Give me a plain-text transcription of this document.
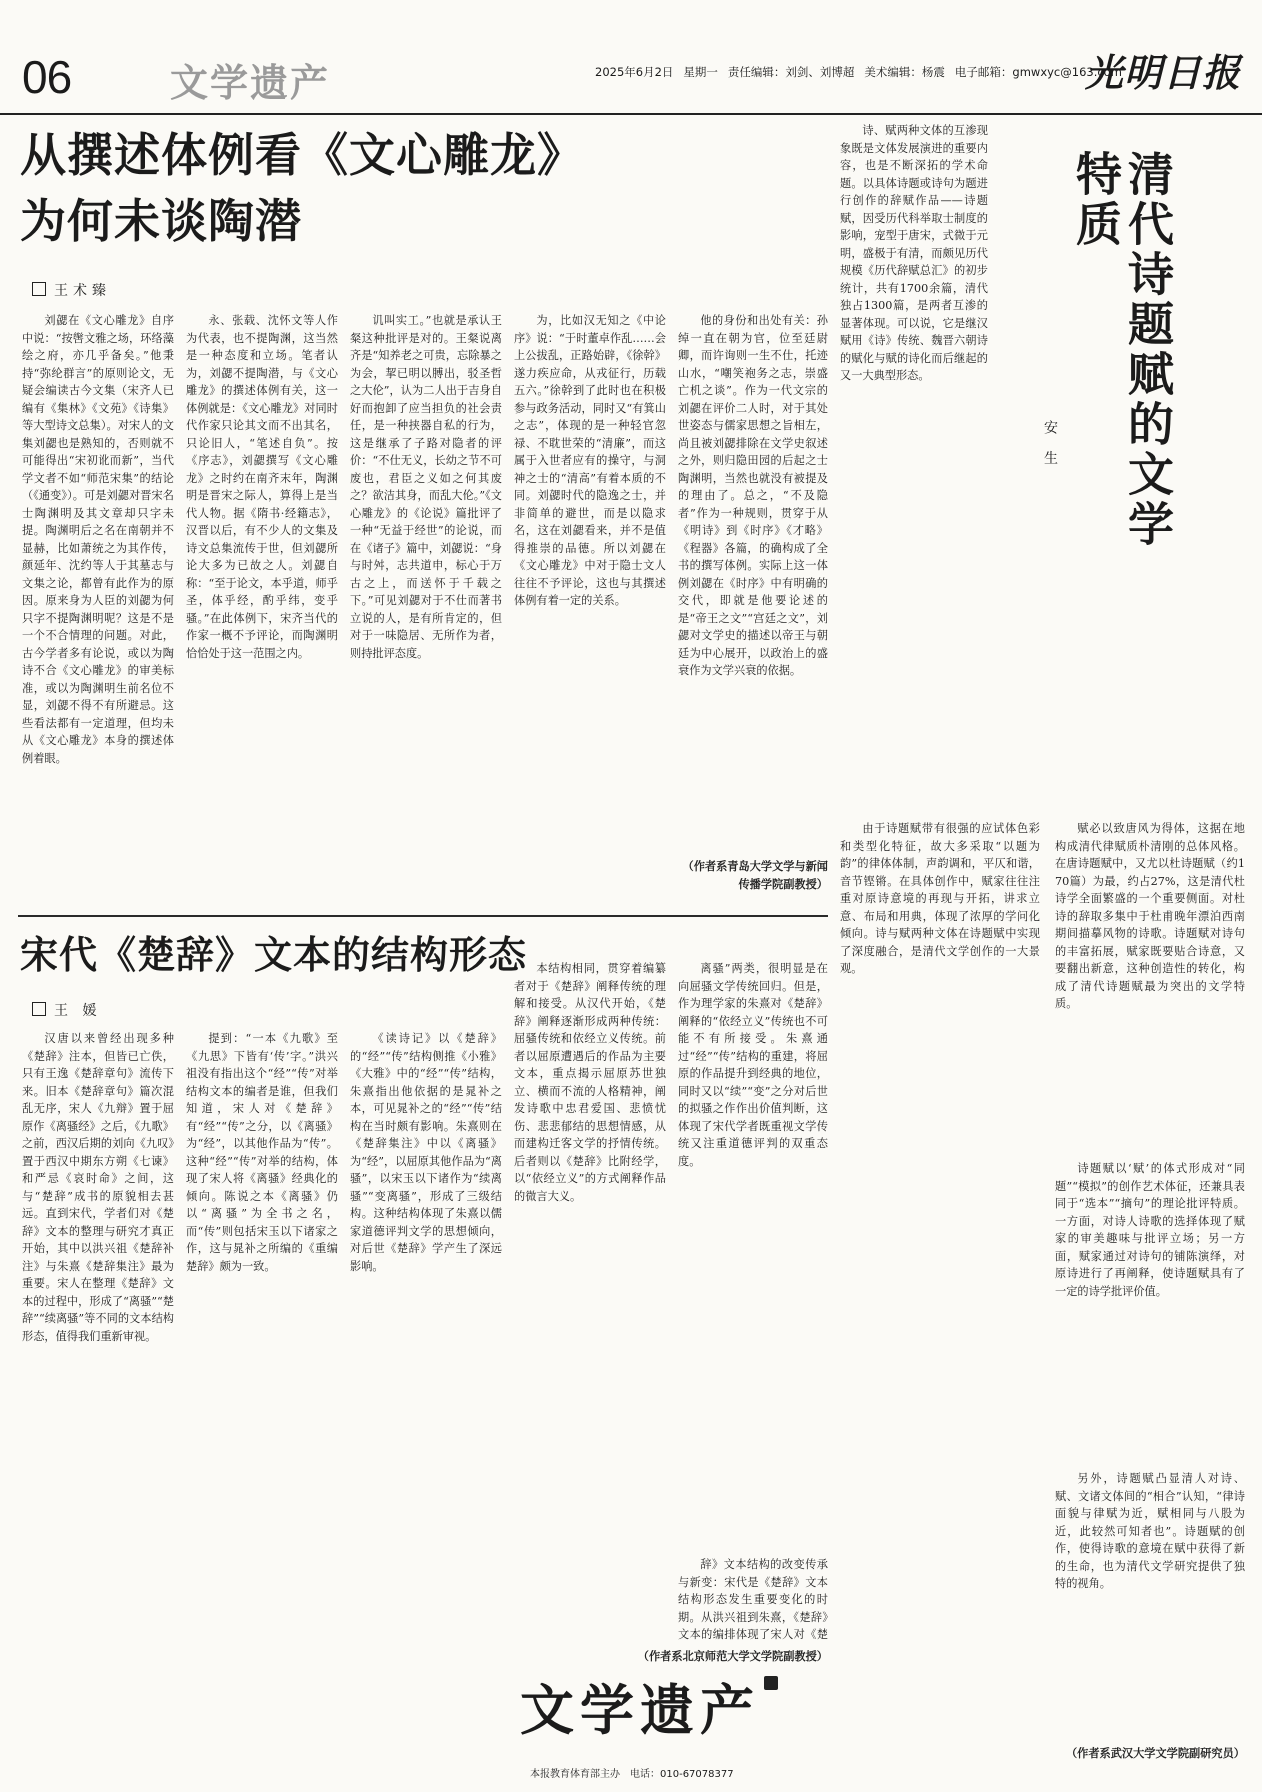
06	文学遗产	2025年6月2日 星期一 责任编辑：刘剑、刘博超 美术编辑：杨震 电子邮箱：gmwxyc@163.com
光明日报
从撰述体例看《文心雕龙》
为何未谈陶潜
王术臻

刘勰在《文心雕龙》自序中说：“按辔文雅之场，环络藻绘之府，亦几乎备矣。”他秉持“弥纶群言”的原则论文，无疑会编读古今文集（宋齐人已编有《集林》《文苑》《诗集》等大型诗文总集）。对宋人的文集刘勰也是熟知的，否则就不可能得出“宋初讹而新”，当代学文者不如“师范宋集”的结论（《通变》）。可是刘勰对晋宋名士陶渊明及其文章却只字未提。陶渊明后之名在南朝并不显赫，比如萧统之为其作传，颜延年、沈约等人于其墓志与文集之论，都曾有此作为的原因。原来身为人臣的刘勰为何只字不提陶渊明呢？这是不是一个不合情理的问题。对此，古今学者多有论说，或以为陶诗不合《文心雕龙》的审美标准，或以为陶渊明生前名位不显，刘勰不得不有所避忌。这些看法都有一定道理，但均未从《文心雕龙》本身的撰述体例着眼。

永、张载、沈怀文等人作为代表，也不提陶渊，这当然是一种态度和立场。笔者认为，刘勰不提陶潜，与《文心雕龙》的撰述体例有关，这一体例就是：《文心雕龙》对同时代作家只论其文而不出其名，只论旧人，“笔述自负”。按《序志》，刘勰撰写《文心雕龙》之时约在南齐末年，陶渊明是晋宋之际人，算得上是当代人物。据《隋书·经籍志》，汉晋以后，有不少人的文集及诗文总集流传于世，但刘勰所论大多为已故之人。刘勰自称：“至于论文，本乎道，师乎圣，体乎经，酌乎纬，变乎骚。”在此体例下，宋齐当代的作家一概不予评论，而陶渊明恰恰处于这一范围之内。

讥叫实工。”也就是承认王粲这种批评是对的。王粲说离齐是“知养老之可贵，忘除暴之为会，挈已明以膊出，驳圣哲之大伦”，认为二人出于吉身自好而抱卸了应当担负的社会责任，是一种挟器自私的行为，这是继承了子路对隐者的评价：“不仕无义，长幼之节不可废也，君臣之义如之何其废之？欲洁其身，而乱大伦。”《文心雕龙》的《论说》篇批评了一种“无益于经世”的论说，而在《诸子》篇中，刘勰说：“身与时舛，志共道申，标心于万古之上，而送怀于千载之下。”可见刘勰对于不仕而著书立说的人，是有所肯定的，但对于一味隐居、无所作为者，则持批评态度。

为，比如汉无知之《中论序》说：“于时董卓作乱……会上公拔乱，正路始辟，《徐幹》遂力疾应命，从戎征行，历载五六。”徐幹到了此时也在积极参与政务活动，同时又“有箕山之志”，体现的是一种轻官忽禄、不耽世荣的“清廉”，而这属于入世者应有的操守，与洞神之士的“清高”有着本质的不同。刘勰时代的隐逸之士，并非简单的避世，而是以隐求名，这在刘勰看来，并不是值得推崇的品德。所以刘勰在《文心雕龙》中对于隐士文人往往不予评论，这也与其撰述体例有着一定的关系。

他的身份和出处有关：孙绰一直在朝为官，位至廷尉卿，而许询则一生不仕，托迹山水，“嘲笑袍务之志，崇盛亡机之谈”。作为一代文宗的刘勰在评价二人时，对于其处世姿态与儒家思想之旨相左，尚且被刘勰排除在文学史叙述之外，则归隐田园的后起之士陶渊明，当然也就没有被提及的理由了。总之，“不及隐者”作为一种规则，贯穿于从《明诗》到《时序》《才略》《程器》各篇，的确构成了全书的撰写体例。实际上这一体例刘勰在《时序》中有明确的交代，即就是他要论述的是“帝王之文”“宫廷之文”，刘勰对文学史的描述以帝王与朝廷为中心展开，以政治上的盛衰作为文学兴衰的依据。

（作者系青岛大学文学与新闻传播学院副教授）

诗、赋两种文体的互渗现象既是文体发展演进的重要内容，也是不断深拓的学术命题。以具体诗题或诗句为题进行创作的辞赋作品——诗题赋，因受历代科举取士制度的影响，宠型于唐宋，式微于元明，盛极于有清，而颇见历代规模《历代辞赋总汇》的初步统计，共有1700余篇，清代独占1300篇，是两者互渗的显著体现。可以说，它是继汉赋用《诗》传统、魏晋六朝诗的赋化与赋的诗化而后继起的又一大典型形态。	清代诗题赋的文学特质
安 生
宋代《楚辞》文本的结构形态
王 媛

汉唐以来曾经出现多种《楚辞》注本，但皆已亡佚，只有王逸《楚辞章句》流传下来。旧本《楚辞章句》篇次混乱无序，宋人《九辩》置于屈原作《离骚经》之后，《九歌》之前，西汉后期的刘向《九叹》置于西汉中期东方朔《七谏》和严忌《哀时命》之间，这与“楚辞”成书的原貌相去甚远。直到宋代，学者们对《楚辞》文本的整理与研究才真正开始，其中以洪兴祖《楚辞补注》与朱熹《楚辞集注》最为重要。宋人在整理《楚辞》文本的过程中，形成了“离骚”“楚辞”“续离骚”等不同的文本结构形态，值得我们重新审视。

提到：“一本《九歌》至《九思》下皆有‘传’字。”洪兴祖没有指出这个“经”“传”对举结构文本的编者是谁，但我们知道，宋人对《楚辞》有“经”“传”之分，以《离骚》为“经”，以其他作品为“传”。这种“经”“传”对举的结构，体现了宋人将《离骚》经典化的倾向。陈说之本《离骚》仍以“离骚”为全书之名，而“传”则包括宋玉以下诸家之作，这与晁补之所编的《重编楚辞》颇为一致。

《读诗记》以《楚辞》的“经”“传”结构侧推《小雅》《大雅》中的“经”“传”结构，朱熹指出他依据的是晁补之本，可见晁补之的“经”“传”结构在当时颇有影响。朱熹则在《楚辞集注》中以《离骚》为“经”，以屈原其他作品为“离骚”，以宋玉以下诸作为“续离骚”“变离骚”，形成了三级结构。这种结构体现了朱熹以儒家道德评判文学的思想倾向，对后世《楚辞》学产生了深远影响。

本结构相同，贯穿着编纂者对于《楚辞》阐释传统的理解和接受。从汉代开始，《楚辞》阐释逐渐形成两种传统：屈骚传统和依经立义传统。前者以屈原遭遇后的作品为主要文本，重点揭示屈原苏世独立、横而不流的人格精神，阐发诗歌中忠君爱国、悲愤忧伤、悲悲郁结的思想情感，从而建构迁客文学的抒情传统。后者则以《楚辞》比附经学，以“依经立义”的方式阐释作品的微言大义。

离骚”两类，很明显是在向屈骚文学传统回归。但是，作为理学家的朱熹对《楚辞》阐释的“依经立义”传统也不可能不有所接受。朱熹通过“经”“传”结构的重建，将屈原的作品提升到经典的地位，同时又以“续”“变”之分对后世的拟骚之作作出价值判断，这体现了宋代学者既重视文学传统又注重道德评判的双重态度。

辞》文本结构的改变传承与新变：宋代是《楚辞》文本结构形态发生重要变化的时期。从洪兴祖到朱熹，《楚辞》文本的编排体现了宋人对《楚

（作者系北京师范大学文学院副教授）

由于诗题赋带有很强的应试体色彩和类型化特征，故大多采取“以题为韵”的律体体制，声韵调和，平仄和谐，音节铿锵。在具体创作中，赋家往往注重对原诗意境的再现与开拓，讲求立意、布局和用典，体现了浓厚的学问化倾向。诗与赋两种文体在诗题赋中实现了深度融合，是清代文学创作的一大景观。

赋必以致唐风为得体，这据在地构成清代律赋质朴清刚的总体风格。在唐诗题赋中，又尤以杜诗题赋（约170篇）为最，约占27%，这是清代杜诗学全面繁盛的一个重要侧面。对杜诗的辞取多集中于杜甫晚年漂泊西南期间描摹风物的诗歌。诗题赋对诗句的丰富拓展，赋家既要贴合诗意，又要翻出新意，这种创造性的转化，构成了清代诗题赋最为突出的文学特质。

诗题赋以‘赋’的体式形成对“同题”“模拟”的创作艺术体征，还兼具表同于“选本”“摘句”的理论批评特质。一方面，对诗人诗歌的选择体现了赋家的审美趣味与批评立场；另一方面，赋家通过对诗句的铺陈演绎，对原诗进行了再阐释，使诗题赋具有了一定的诗学批评价值。

另外，诗题赋凸显清人对诗、赋、文诸文体间的“相合”认知，“律诗面貌与律赋为近，赋相同与八股为近，此较然可知者也”。诗题赋的创作，使得诗歌的意境在赋中获得了新的生命，也为清代文学研究提供了独特的视角。

（作者系武汉大学文学院副研究员）
文学遗产
本报教育体育部主办　电话：010-67078377
